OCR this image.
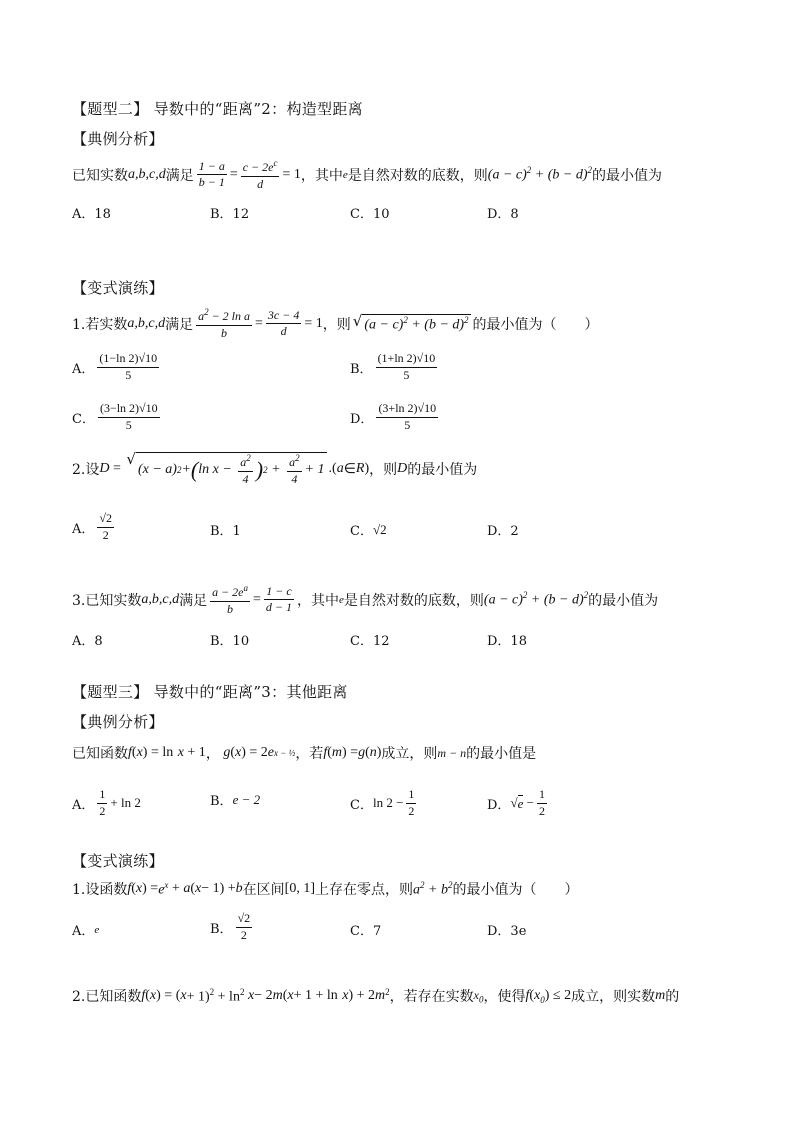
【题型二】 导数中的“距离”2：构造型距离
【典例分析】
已知实数 a,b,c,d 满足 $\frac{1 - a}{b - 1} = \frac{c - 2e^c}{d} = 1$ ，其中 e 是自然对数的底数，则 $(a - c)^2 + (b - d)^2$ 的最小值为
A．18	B．12	C．10	D．8
【变式演练】
1.若实数 a,b,c,d 满足 $\frac{a^2 - 2 \ln a}{b} = \frac{3c - 4}{d} = 1$ ，则 √ $(a - c)^2 + (b - d)^2$ 的最小值为（　　）
A． $\frac{(1-\ln 2)√10}{5}$	B． $\frac{(1+\ln 2)√10}{5}$
C． $\frac{(3-\ln 2)√10}{5}$	D． $\frac{(3+\ln 2)√10}{5}$
2.设 D =
√
(x − a) 2 + ( $\ln x - \frac{a^2}{4}$ ) $2 + \frac{a^2}{4} + 1$ .( a ∈ R ) ，则 D 的最小值为
A． $\frac{√2}{2}$	B．1	C． √2	D．2
3.已知实数 a,b,c,d 满足 $\frac{a - 2e^a}{b} = \frac{1 - c}{d - 1}$ ，其中 e 是自然对数的底数，则 $(a - c)^2 + (b - d)^2$ 的最小值为
A．8	B．10	C．12	D．18
【题型三】 导数中的“距离”3：其他距离
【典例分析】
已知函数 f ( x ) = ln
x + 1 ， g ( x ) = 2 e x − ½ ，若 f ( m ) = g ( n ) 成立，则 m − n 的最小值是
A． $\frac{1}{2} + \ln 2$	B． e − 2	C． $\ln 2 - \frac{1}{2}$	D． √ $e - \frac{1}{2}$
【变式演练】
1.设函数 f ( x ) = $e^x + a$ ( x − 1) + b 在区间 [0, 1] 上存在零点，则 $a^2 + b^2$ 的最小值为（　　）
A． e	B． $\frac{√2}{2}$	C．7	D．3e
2.已知函数 f ( x ) = ( $x + 1)^2 + \ln^2 x - 2$ m ( x + 1 + ln
x ) + 2 m $^2$ ，若存在实数 $x_0$ ，使得 f ( $x_0$ ) ≤ 2 成立，则实数 m 的
